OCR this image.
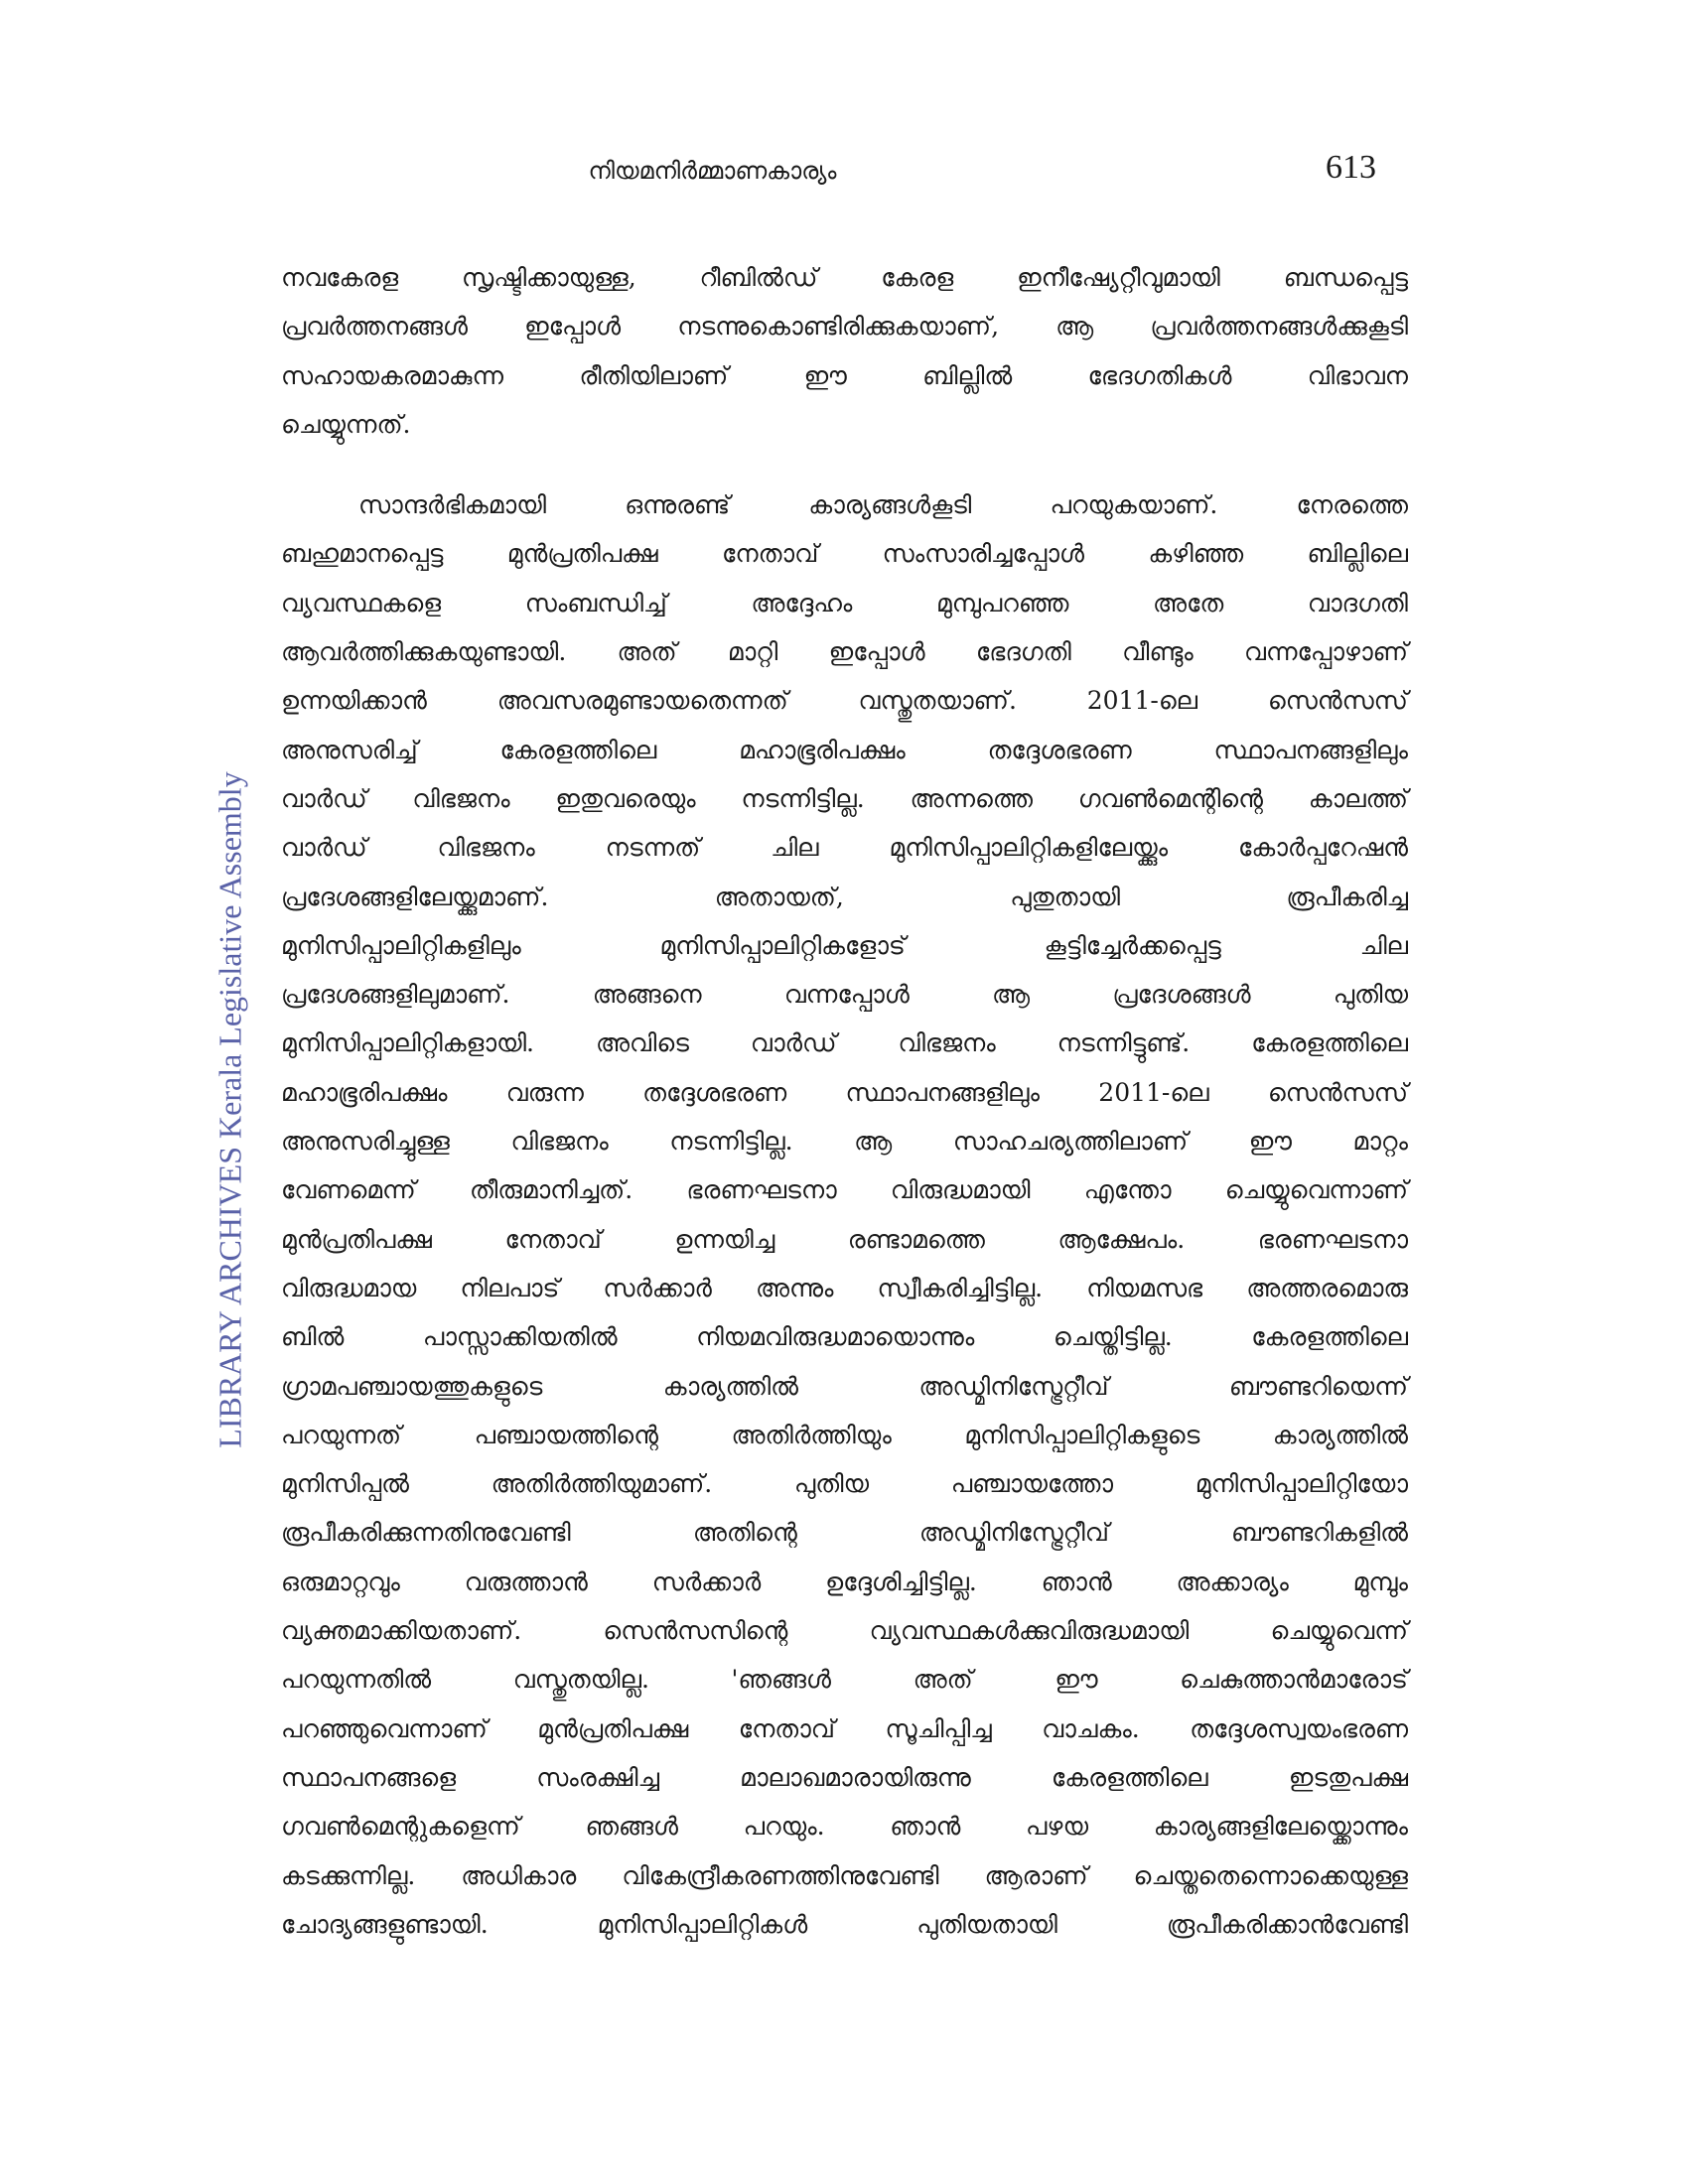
നിയമനിർമ്മാണകാര്യം	613
LIBRARY ARCHIVES Kerala Legislative Assembly
നവകേരള സൃഷ്ടിക്കായുള്ള, റീബിൽഡ് കേരള ഇനീഷ്യേറ്റീവുമായി ബന്ധപ്പെട്ട
പ്രവർത്തനങ്ങൾ ഇപ്പോൾ നടന്നുകൊണ്ടിരിക്കുകയാണ്, ആ പ്രവർത്തനങ്ങൾക്കുകൂടി
സഹായകരമാകുന്ന രീതിയിലാണ് ഈ ബില്ലിൽ ഭേദഗതികൾ വിഭാവന
ചെയ്യുന്നത്.
സാന്ദർഭികമായി ഒന്നുരണ്ട് കാര്യങ്ങൾകൂടി പറയുകയാണ്. നേരത്തെ
ബഹുമാനപ്പെട്ട മുൻപ്രതിപക്ഷ നേതാവ് സംസാരിച്ചപ്പോൾ കഴിഞ്ഞ ബില്ലിലെ
വ്യവസ്ഥകളെ സംബന്ധിച്ച് അദ്ദേഹം മുമ്പുപറഞ്ഞ അതേ വാദഗതി
ആവർത്തിക്കുകയുണ്ടായി. അത് മാറ്റി ഇപ്പോൾ ഭേദഗതി വീണ്ടും വന്നപ്പോഴാണ്
ഉന്നയിക്കാൻ അവസരമുണ്ടായതെന്നത് വസ്തുതയാണ്. 2011-ലെ സെൻസസ്
അനുസരിച്ച് കേരളത്തിലെ മഹാഭൂരിപക്ഷം തദ്ദേശഭരണ സ്ഥാപനങ്ങളിലും
വാർഡ് വിഭജനം ഇതുവരെയും നടന്നിട്ടില്ല. അന്നത്തെ ഗവൺമെന്റിന്റെ കാലത്ത്
വാർഡ് വിഭജനം നടന്നത് ചില മുനിസിപ്പാലിറ്റികളിലേയ്ക്കും കോർപ്പറേഷൻ
പ്രദേശങ്ങളിലേയ്ക്കുമാണ്. അതായത്, പുതുതായി രൂപീകരിച്ച
മുനിസിപ്പാലിറ്റികളിലും മുനിസിപ്പാലിറ്റികളോട് കൂട്ടിച്ചേർക്കപ്പെട്ട ചില
പ്രദേശങ്ങളിലുമാണ്. അങ്ങനെ വന്നപ്പോൾ ആ പ്രദേശങ്ങൾ പുതിയ
മുനിസിപ്പാലിറ്റികളായി. അവിടെ വാർഡ് വിഭജനം നടന്നിട്ടുണ്ട്. കേരളത്തിലെ
മഹാഭൂരിപക്ഷം വരുന്ന തദ്ദേശഭരണ സ്ഥാപനങ്ങളിലും 2011-ലെ സെൻസസ്
അനുസരിച്ചുള്ള വിഭജനം നടന്നിട്ടില്ല. ആ സാഹചര്യത്തിലാണ് ഈ മാറ്റം
വേണമെന്ന് തീരുമാനിച്ചത്. ഭരണഘടനാ വിരുദ്ധമായി എന്തോ ചെയ്യുവെന്നാണ്
മുൻപ്രതിപക്ഷ നേതാവ് ഉന്നയിച്ച രണ്ടാമത്തെ ആക്ഷേപം. ഭരണഘടനാ
വിരുദ്ധമായ നിലപാട് സർക്കാർ അന്നും സ്വീകരിച്ചിട്ടില്ല. നിയമസഭ അത്തരമൊരു
ബിൽ പാസ്സാക്കിയതിൽ നിയമവിരുദ്ധമായൊന്നും ചെയ്തിട്ടില്ല. കേരളത്തിലെ
ഗ്രാമപഞ്ചായത്തുകളുടെ കാര്യത്തിൽ അഡ്മിനിസ്ട്രേറ്റീവ് ബൗണ്ടറിയെന്ന്
പറയുന്നത് പഞ്ചായത്തിന്റെ അതിർത്തിയും മുനിസിപ്പാലിറ്റികളുടെ കാര്യത്തിൽ
മുനിസിപ്പൽ അതിർത്തിയുമാണ്. പുതിയ പഞ്ചായത്തോ മുനിസിപ്പാലിറ്റിയോ
രൂപീകരിക്കുന്നതിനുവേണ്ടി അതിന്റെ അഡ്മിനിസ്ട്രേറ്റീവ് ബൗണ്ടറികളിൽ
ഒരുമാറ്റവും വരുത്താൻ സർക്കാർ ഉദ്ദേശിച്ചിട്ടില്ല. ഞാൻ അക്കാര്യം മുമ്പും
വ്യക്തമാക്കിയതാണ്. സെൻസസിന്റെ വ്യവസ്ഥകൾക്കുവിരുദ്ധമായി ചെയ്യുവെന്ന്
പറയുന്നതിൽ വസ്തുതയില്ല. 'ഞങ്ങൾ അത് ഈ ചെകുത്താൻമാരോട്
പറഞ്ഞുവെന്നാണ് മുൻപ്രതിപക്ഷ നേതാവ് സൂചിപ്പിച്ച വാചകം. തദ്ദേശസ്വയംഭരണ
സ്ഥാപനങ്ങളെ സംരക്ഷിച്ച മാലാഖമാരായിരുന്നു കേരളത്തിലെ ഇടതുപക്ഷ
ഗവൺമെന്റുകളെന്ന് ഞങ്ങൾ പറയും. ഞാൻ പഴയ കാര്യങ്ങളിലേയ്ക്കൊന്നും
കടക്കുന്നില്ല. അധികാര വികേന്ദ്രീകരണത്തിനുവേണ്ടി ആരാണ് ചെയ്തതെന്നൊക്കെയുള്ള
ചോദ്യങ്ങളുണ്ടായി. മുനിസിപ്പാലിറ്റികൾ പുതിയതായി രൂപീകരിക്കാൻവേണ്ടി
